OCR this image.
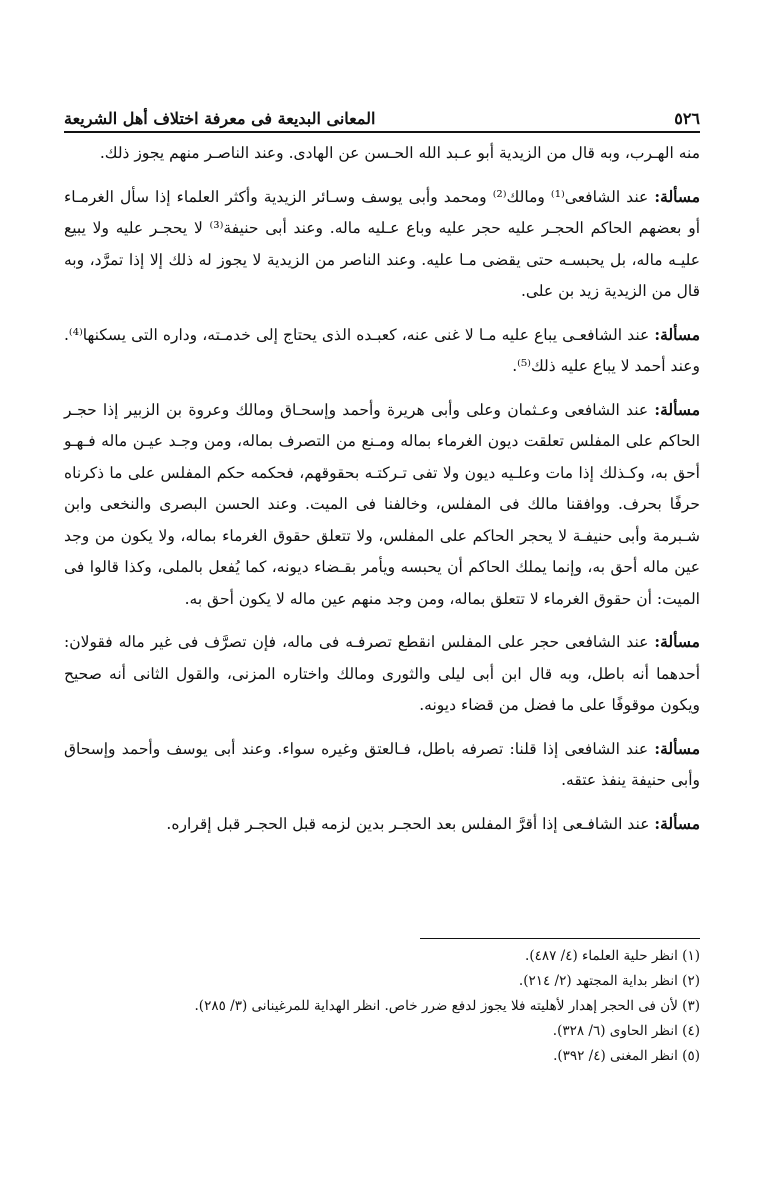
٥٢٦
المعانى البديعة فى معرفة اختلاف أهل الشريعة

منه الهـرب، وبه قال من الزيدية أبو عـبد الله الحـسن عن الهادى. وعند الناصـر منهم يجوز ذلك.

مسألة: عند الشافعى⁽¹⁾ ومالك⁽²⁾ ومحمد وأبى يوسف وسـائر الزيدية وأكثر العلماء إذا سأل الغرمـاء أو بعضهم الحاكم الحجـر عليه حجر عليه وباع عـليه ماله. وعند أبى حنيفة⁽³⁾ لا يحجـر عليه ولا يبيع عليـه ماله، بل يحبسـه حتى يقضى مـا عليه. وعند الناصر من الزيدية لا يجوز له ذلك إلا إذا تمرَّد، وبه قال من الزيدية زيد بن على.

مسألة: عند الشافعـى يباع عليه مـا لا غنى عنه، كعبـده الذى يحتاج إلى خدمـته، وداره التى يسكنها⁽⁴⁾. وعند أحمد لا يباع عليه ذلك⁽⁵⁾.

مسألة: عند الشافعى وعـثمان وعلى وأبى هريرة وأحمد وإسحـاق ومالك وعروة بن الزبير إذا حجـر الحاكم على المفلس تعلقت ديون الغرماء بماله ومـنع من التصرف بماله، ومن وجـد عيـن ماله فـهـو أحق به، وكـذلك إذا مات وعلـيه ديون ولا تفى تـركتـه بحقوقهم، فحكمه حكم المفلس على ما ذكرناه حرفًا بحرف. ووافقنا مالك فى المفلس، وخالفنا فى الميت. وعند الحسن البصرى والنخعى وابن شـبرمة وأبى حنيفـة لا يحجر الحاكم على المفلس، ولا تتعلق حقوق الغرماء بماله، ولا يكون من وجد عين ماله أحق به، وإنما يملك الحاكم أن يحبسه ويأمر بقـضاء ديونه، كما يُفعل بالملى، وكذا قالوا فى الميت: أن حقوق الغرماء لا تتعلق بماله، ومن وجد منهم عين ماله لا يكون أحق به.

مسألة: عند الشافعى حجر على المفلس انقطع تصرفـه فى ماله، فإن تصرَّف فى غير ماله فقولان: أحدهما أنه باطل، وبه قال ابن أبى ليلى والثورى ومالك واختاره المزنى، والقول الثانى أنه صحيح ويكون موقوفًا على ما فضل من قضاء ديونه.

مسألة: عند الشافعى إذا قلنا: تصرفه باطل، فـالعتق وغيره سواء. وعند أبى يوسف وأحمد وإسحاق وأبى حنيفة ينفذ عتقه.

مسألة: عند الشافـعى إذا أقرَّ المفلس بعد الحجـر بدين لزمه قبل الحجـر قبل إقراره.

(١) انظر حلية العلماء (٤/ ٤٨٧).
(٢) انظر بداية المجتهد (٢/ ٢١٤).
(٣) لأن فى الحجر إهدار لأهليته فلا يجوز لدفع ضرر خاص. انظر الهداية للمرغينانى (٣/ ٢٨٥).
(٤) انظر الحاوى (٦/ ٣٢٨).
(٥) انظر المغنى (٤/ ٣٩٢).
